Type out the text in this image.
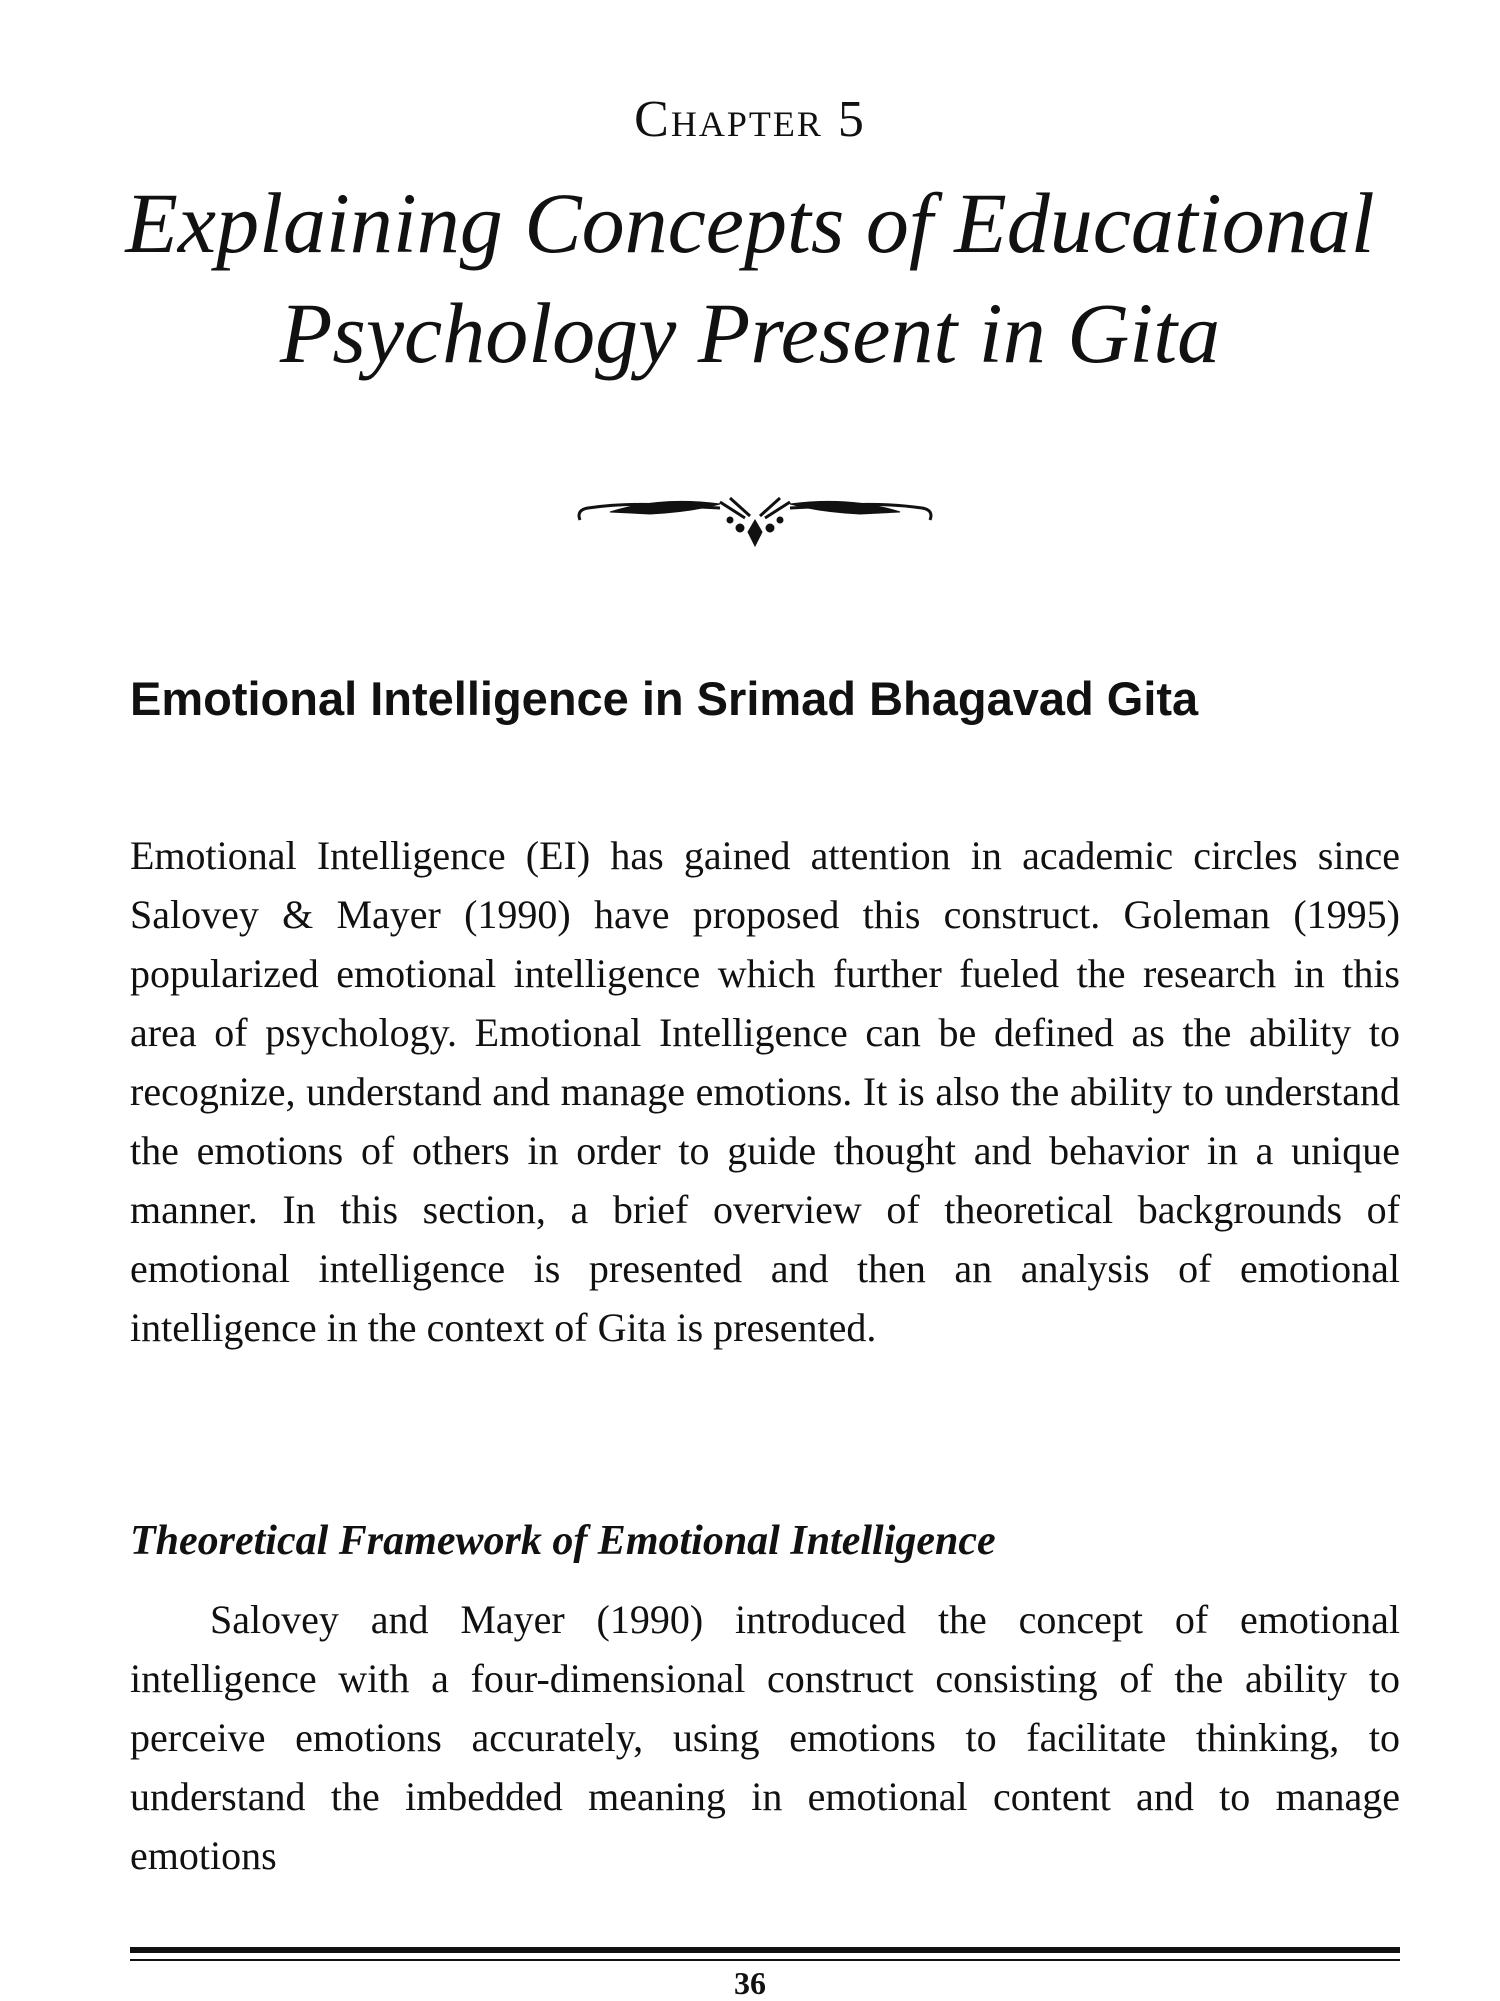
Chapter 5
Explaining Concepts of Educational Psychology Present in Gita
Emotional Intelligence in Srimad Bhagavad Gita
Emotional Intelligence (EI) has gained attention in academic circles since Salovey & Mayer (1990) have proposed this construct. Goleman (1995) popularized emotional intelligence which further fueled the research in this area of psychology. Emotional Intelligence can be defined as the ability to recognize, understand and manage emotions. It is also the ability to understand the emotions of others in order to guide thought and behavior in a unique manner. In this section, a brief overview of theoretical backgrounds of emotional intelligence is presented and then an analysis of emotional intelligence in the context of Gita is presented.
Theoretical Framework of Emotional Intelligence
Salovey and Mayer (1990) introduced the concept of emotional intelligence with a four-dimensional construct consisting of the ability to perceive emotions accurately, using emotions to facilitate thinking, to understand the imbedded meaning in emotional content and to manage emotions
36
